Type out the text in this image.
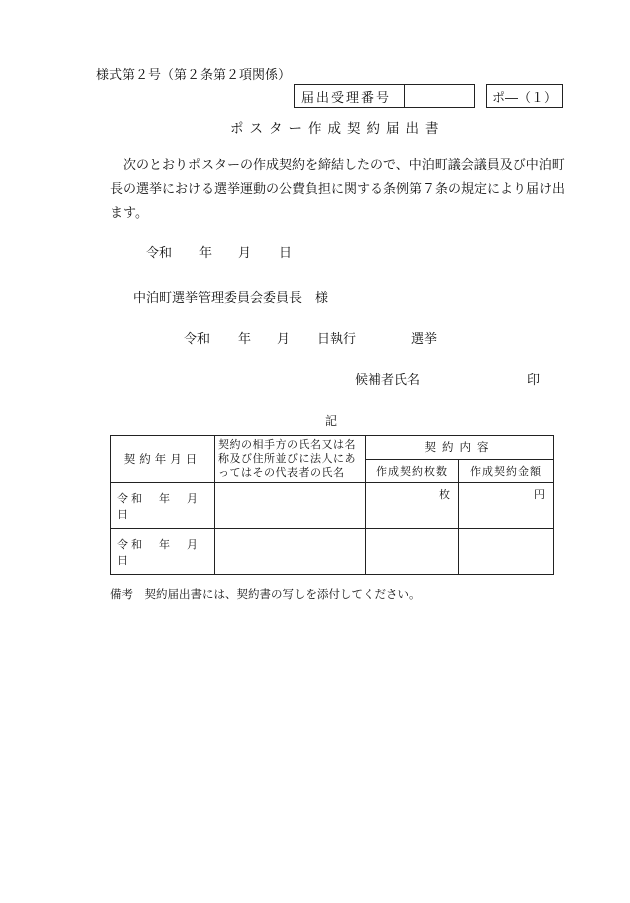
様式第２号（第２条第２項関係）
届出受理番号	ポ―（１）
ポスター作成契約届出書

次のとおりポスターの作成契約を締結したので、中泊町議会議員及び中泊町長の選挙における選挙運動の公費負担に関する条例第７条の規定により届け出ます。

令和 年 月 日
中泊町選挙管理委員会委員長　様
令和 年 月 日執行	選挙
候補者氏名	印
記
契約年月日	契約の相手方の氏名又は名称及び住所並びに法人にあってはその代表者の氏名	契約内容	
		作成契約枚数	作成契約金額
令和　年　月　日		枚	円
令和　年　月　日			
備考　契約届出書には、契約書の写しを添付してください。
